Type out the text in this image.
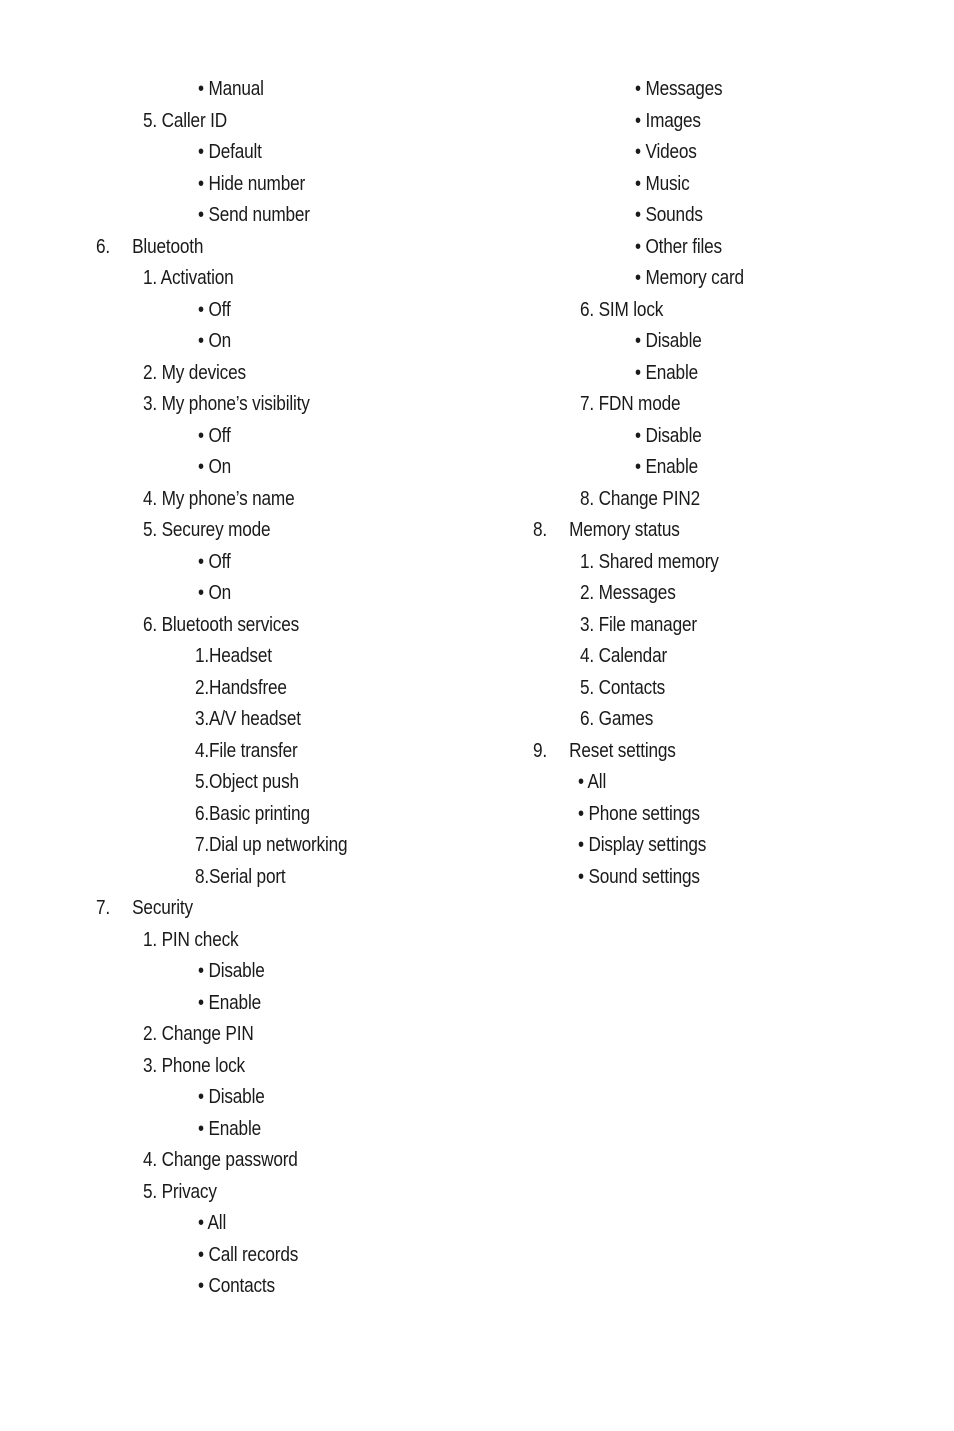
• Manual
5. Caller ID
• Default
• Hide number
• Send number
6. Bluetooth
1. Activation
• Off
• On
2. My devices
3. My phone’s visibility
• Off
• On
4. My phone’s name
5. Securey mode
• Off
• On
6. Bluetooth services
1.Headset
2.Handsfree
3.A/V headset
4.File transfer
5.Object push
6.Basic printing
7.Dial up networking
8.Serial port
7. Security
1. PIN check
• Disable
• Enable
2. Change PIN
3. Phone lock
• Disable
• Enable
4. Change password
5. Privacy
• All
• Call records
• Contacts
• Messages
• Images
• Videos
• Music
• Sounds
• Other files
• Memory card
6. SIM lock
• Disable
• Enable
7. FDN mode
• Disable
• Enable
8. Change PIN2
8. Memory status
1. Shared memory
2. Messages
3. File manager
4. Calendar
5. Contacts
6. Games
9. Reset settings
• All
• Phone settings
• Display settings
• Sound settings
